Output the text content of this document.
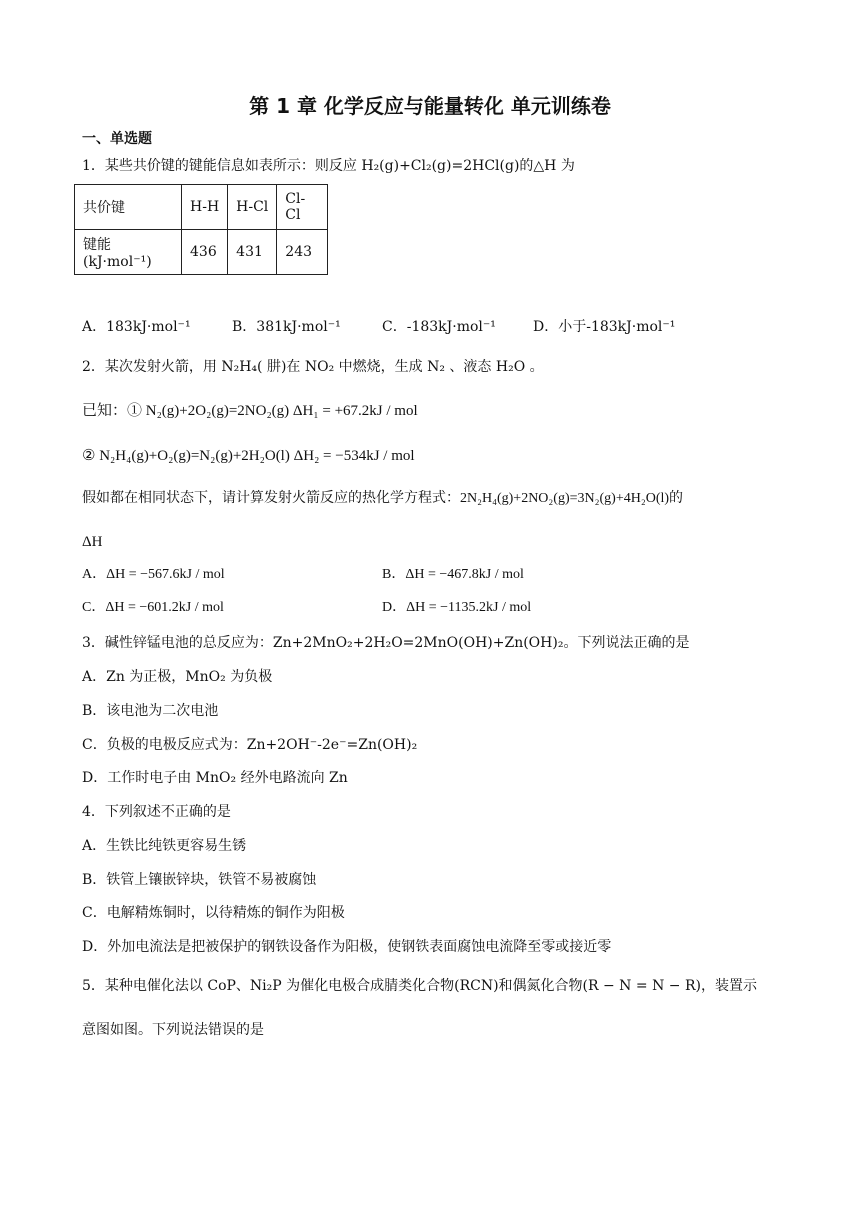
第 1 章 化学反应与能量转化 单元训练卷
一、单选题
1．某些共价键的键能信息如表所示：则反应 H₂(g)+Cl₂(g)=2HCl(g)的△H 为
共价键	H-H	H-Cl	Cl-Cl
键能(kJ·mol⁻¹)	436	431	243
A．183kJ·mol⁻¹	B．381kJ·mol⁻¹	C．-183kJ·mol⁻¹	D．小于-183kJ·mol⁻¹
2．某次发射火箭，用 N₂H₄( 肼)在 NO₂ 中燃烧，生成 N₂ 、液态 H₂O 。
已知：① N₂(g)+2O₂(g)=2NO₂(g) ΔH₁ = +67.2kJ / mol
② N₂H₄(g)+O₂(g)=N₂(g)+2H₂O(l) ΔH₂ = −534kJ / mol
假如都在相同状态下，请计算发射火箭反应的热化学方程式：2N₂H₄(g)+2NO₂(g)=3N₂(g)+4H₂O(l)的
ΔH
A．ΔH = −567.6kJ / mol	B．ΔH = −467.8kJ / mol
C．ΔH = −601.2kJ / mol	D．ΔH = −1135.2kJ / mol
3．碱性锌锰电池的总反应为：Zn+2MnO₂+2H₂O=2MnO(OH)+Zn(OH)₂。下列说法正确的是
A．Zn 为正极，MnO₂ 为负极
B．该电池为二次电池
C．负极的电极反应式为：Zn+2OH⁻-2e⁻=Zn(OH)₂
D．工作时电子由 MnO₂ 经外电路流向 Zn
4．下列叙述不正确的是
A．生铁比纯铁更容易生锈
B．铁管上镶嵌锌块，铁管不易被腐蚀
C．电解精炼铜时，以待精炼的铜作为阳极
D．外加电流法是把被保护的钢铁设备作为阳极，使钢铁表面腐蚀电流降至零或接近零
5．某种电催化法以 CoP、Ni₂P 为催化电极合成腈类化合物(RCN)和偶氮化合物(R − N = N − R)，装置示
意图如图。下列说法错误的是
